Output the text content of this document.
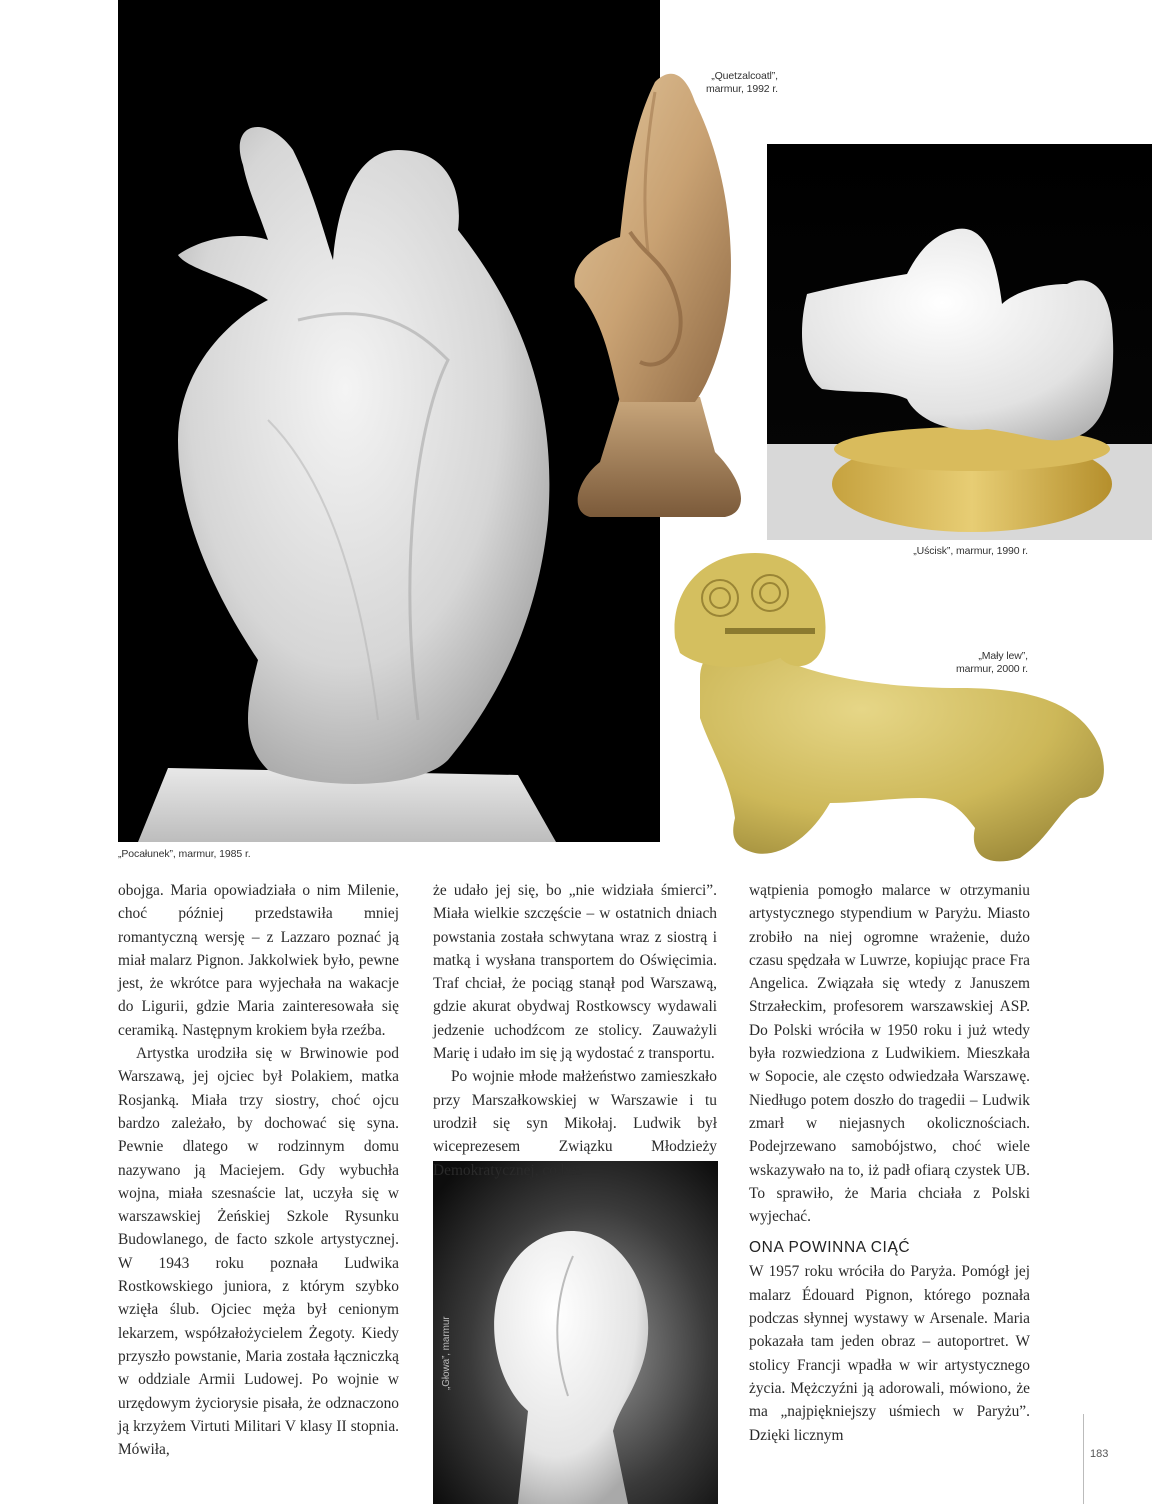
„Pocałunek”, marmur, 1985 r.
„Quetzalcoatl”,
marmur, 1992 r.
„Uścisk”, marmur, 1990 r.
„Mały lew”,
marmur, 2000 r.
„Głowa”, marmur

obojga. Maria opowiadziała o nim Milenie, choć później przedstawiła mniej romantyczną wersję – z Lazzaro poznać ją miał malarz Pignon. Jakkolwiek było, pewne jest, że wkrótce para wyjechała na wakacje do Ligurii, gdzie Maria zainteresowała się ceramiką. Następnym krokiem była rzeźba.

Artystka urodziła się w Brwinowie pod Warszawą, jej ojciec był Polakiem, matka Rosjanką. Miała trzy siostry, choć ojcu bardzo zależało, by dochować się syna. Pewnie dlatego w rodzinnym domu nazywano ją Maciejem. Gdy wybuchła wojna, miała szesnaście lat, uczyła się w warszawskiej Żeńskiej Szkole Rysunku Budowlanego, de facto szkole artystycznej. W 1943 roku poznała Ludwika Rostkowskiego juniora, z którym szybko wzięła ślub. Ojciec męża był cenionym lekarzem, współzałożycielem Żegoty. Kiedy przyszło powstanie, Maria została łączniczką w oddziale Armii Ludowej. Po wojnie w urzędowym życiorysie pisała, że odznaczono ją krzyżem Virtuti Militari V klasy II stopnia. Mówiła,

że udało jej się, bo „nie widziała śmierci”. Miała wielkie szczęście – w ostatnich dniach powstania została schwytana wraz z siostrą i matką i wysłana transportem do Oświęcimia. Traf chciał, że pociąg stanął pod Warszawą, gdzie akurat obydwaj Rostkowscy wydawali jedzenie uchodźcom ze stolicy. Zauważyli Marię i udało im się ją wydostać z transportu.

Po wojnie młode małżeństwo zamieszkało przy Marszałkowskiej w Warszawie i tu urodził się syn Mikołaj. Ludwik był wiceprezesem Związku Młodzieży Demokratycznej, co bez

wątpienia pomogło malarce w otrzymaniu artystycznego stypendium w Paryżu. Miasto zrobiło na niej ogromne wrażenie, dużo czasu spędzała w Luwrze, kopiując prace Fra Angelica. Związała się wtedy z Januszem Strzałeckim, profesorem warszawskiej ASP. Do Polski wróciła w 1950 roku i już wtedy była rozwiedziona z Ludwikiem. Mieszkała w Sopocie, ale często odwiedzała Warszawę. Niedługo potem doszło do tragedii – Ludwik zmarł w niejasnych okolicznościach. Podejrzewano samobójstwo, choć wiele wskazywało na to, iż padł ofiarą czystek UB. To sprawiło, że Maria chciała z Polski wyjechać.

ONA POWINNA CIĄĆ

W 1957 roku wróciła do Paryża. Pomógł jej malarz Édouard Pignon, którego poznała podczas słynnej wystawy w Arsenale. Maria pokazała tam jeden obraz – autoportret. W stolicy Francji wpadła w wir artystycznego życia. Mężczyźni ją adorowali, mówiono, że ma „najpiękniejszy uśmiech w Paryżu”. Dzięki licznym

183
